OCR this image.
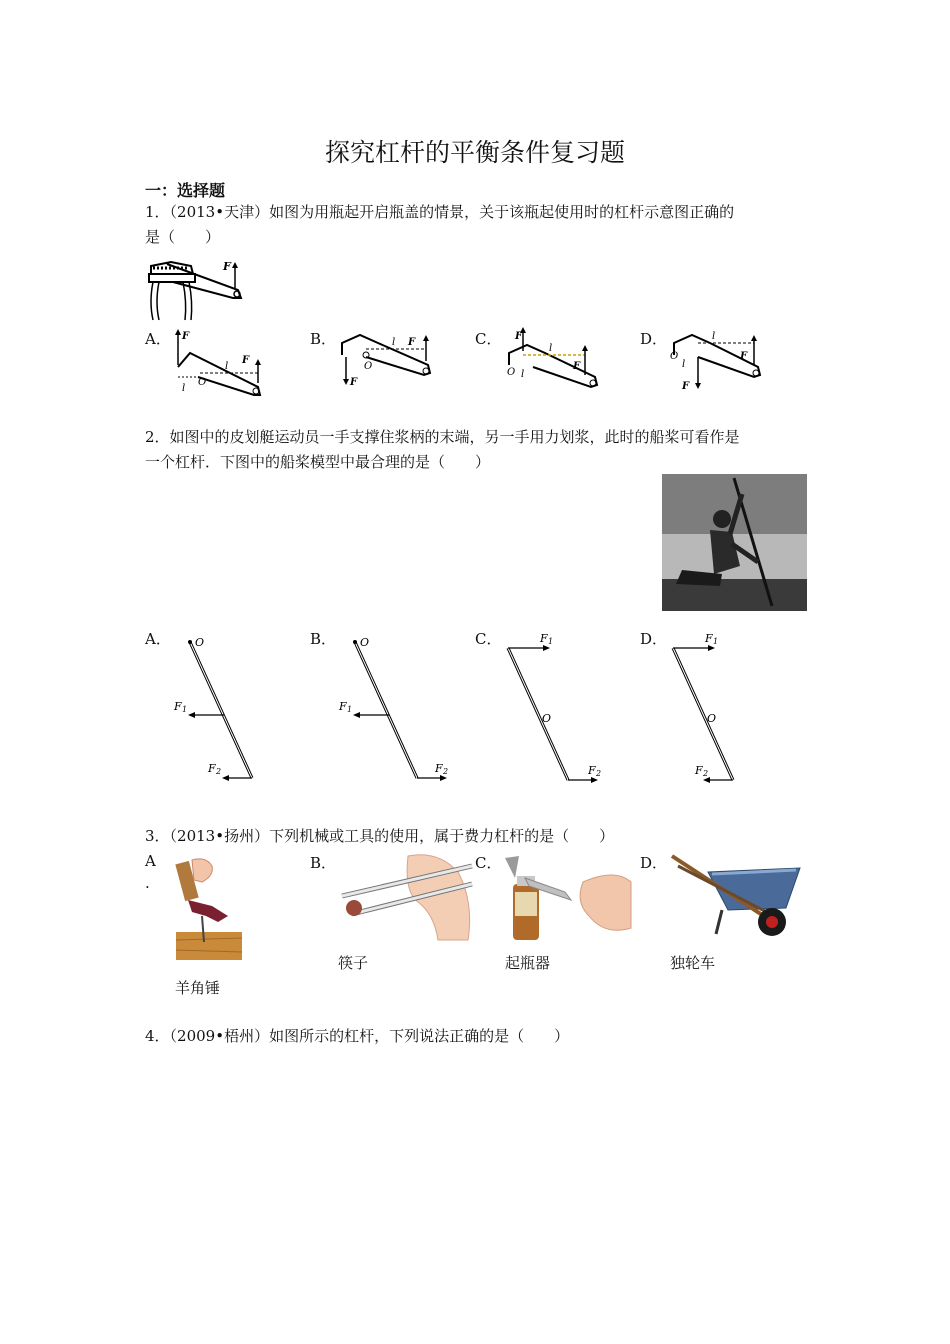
探究杠杆的平衡条件复习题
一：选择题
1．（2013•天津）如图为用瓶起开启瓶盖的情景，关于该瓶起使用时的杠杆示意图正确的
是（　　）
F
A．	B．	C．	D．
F
F
l
O
l
F
l
O
F
F
F
l
O l
F
l
O
l
F
2．如图中的皮划艇运动员一手支撑住浆柄的末端，另一手用力划浆，此时的船桨可看作是
一个杠杆．下图中的船桨模型中最合理的是（　　）
A．	B．	C．	D．
O
F 1
F 2
O
F 1
F 2
F 1
O
F 2
F 1
O
F 2
3．（2013•扬州）下列机械或工具的使用，属于费力杠杆的是（　　）
A
.
B．	C．	D．
筷子	起瓶器	独轮车
羊角锤
4．（2009•梧州）如图所示的杠杆，下列说法正确的是（　　）
